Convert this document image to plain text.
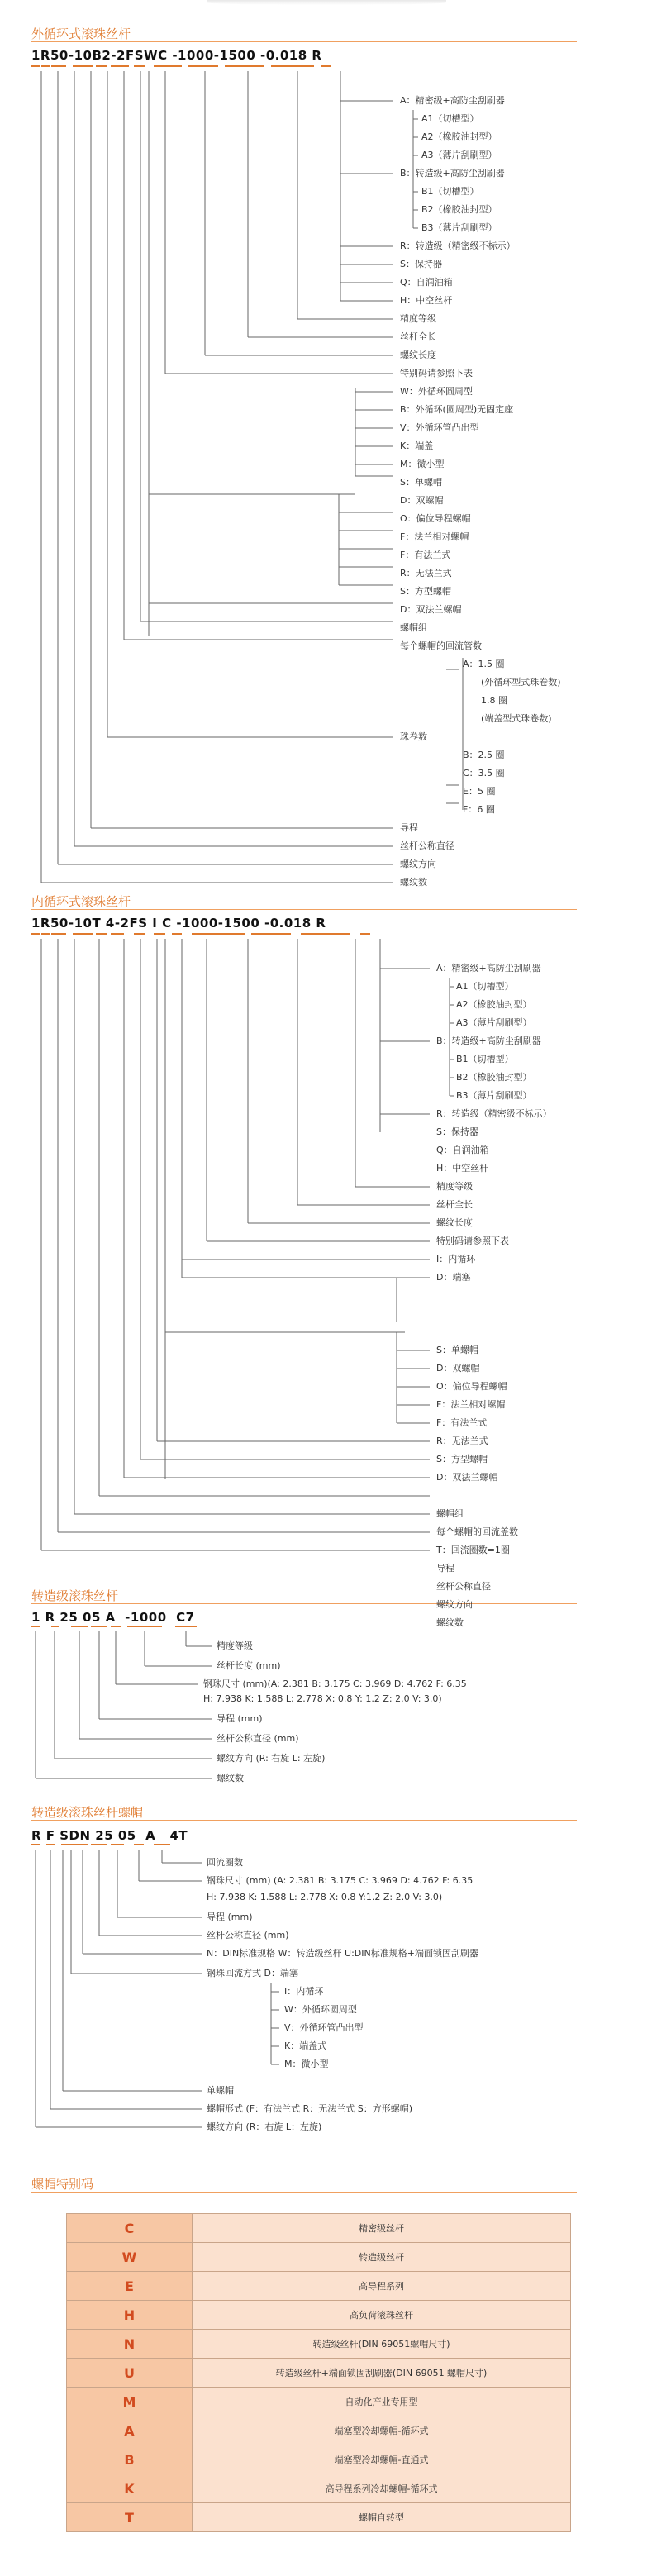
外循环式滚珠丝杆
1R50-10B2-2FSWC -1000-1500 -0.018 R
内循环式滚珠丝杆
1R50-10T 4-2FS I C -1000-1500 -0.018 R
转造级滚珠丝杆
1 R 25 05 A  -1000  C7
转造级滚珠丝杆螺帽
R F SDN 25 05  A   4T
螺帽特别码
C	精密级丝杆
W	转造级丝杆
E	高导程系列
H	高负荷滚珠丝杆
N	转造级丝杆(DIN 69051螺帽尺寸)
U	转造级丝杆+端面锁固刮刷器(DIN 69051 螺帽尺寸)
M	自动化产业专用型
A	端塞型冷却螺帽-循环式
B	端塞型冷却螺帽-直通式
K	高导程系列冷却螺帽-循环式
T	螺帽自转型
A：精密级+高防尘刮刷器
A1（切槽型）
A2（橡胶油封型）
A3（薄片刮刷型）
B：转造级+高防尘刮刷器
B1（切槽型）
B2（橡胶油封型）
B3（薄片刮刷型）
R：转造级（精密级不标示）
S：保持器
Q：自润油箱
H：中空丝杆
精度等级
丝杆全长
螺纹长度
特别码请参照下表
W：外循环圆周型
B：外循环(圆周型)无固定座
V：外循环管凸出型
K：端盖
M：微小型
S：单螺帽
D：双螺帽
O：偏位导程螺帽
F：法兰相对螺帽
F：有法兰式
R：无法兰式
S：方型螺帽
D：双法兰螺帽
螺帽组
每个螺帽的回流管数
A：1.5 圈
(外循环型式珠卷数)
1.8 圈
(端盖型式珠卷数)
珠卷数
B：2.5 圈
C：3.5 圈
E：5 圈
F：6 圈
导程
丝杆公称直径
螺纹方向
螺纹数
A：精密级+高防尘刮刷器
A1（切槽型）
A2（橡胶油封型）
A3（薄片刮刷型）
B：转造级+高防尘刮刷器
B1（切槽型）
B2（橡胶油封型）
B3（薄片刮刷型）
R：转造级（精密级不标示）
S：保持器
Q：自润油箱
H：中空丝杆
精度等级
丝杆全长
螺纹长度
特别码请参照下表
I：内循环
D：端塞
S：单螺帽
D：双螺帽
O：偏位导程螺帽
F：法兰相对螺帽
F：有法兰式
R：无法兰式
S：方型螺帽
D：双法兰螺帽
螺帽组
每个螺帽的回流盖数
T：回流圈数=1圈
导程
丝杆公称直径
螺纹方向
螺纹数
精度等级
丝杆长度 (mm)
钢珠尺寸 (mm)(A: 2.381 B: 3.175 C: 3.969 D: 4.762 F: 6.35
H: 7.938 K: 1.588 L: 2.778 X: 0.8 Y: 1.2 Z: 2.0 V: 3.0)
导程 (mm)
丝杆公称直径 (mm)
螺纹方向 (R: 右旋 L: 左旋)
螺纹数
回流圈数
钢珠尺寸 (mm) (A: 2.381 B: 3.175 C: 3.969 D: 4.762 F: 6.35
H: 7.938 K: 1.588 L: 2.778 X: 0.8 Y:1.2 Z: 2.0 V: 3.0)
导程 (mm)
丝杆公称直径 (mm)
N：DIN标准规格 W：转造级丝杆 U:DIN标准规格+端面锁固刮刷器
钢珠回流方式 D：端塞
I：内循环
W：外循环圆周型
V：外循环管凸出型
K：端盖式
M：微小型
单螺帽
螺帽形式 (F：有法兰式 R：无法兰式 S：方形螺帽)
螺纹方向 (R：右旋 L：左旋)
